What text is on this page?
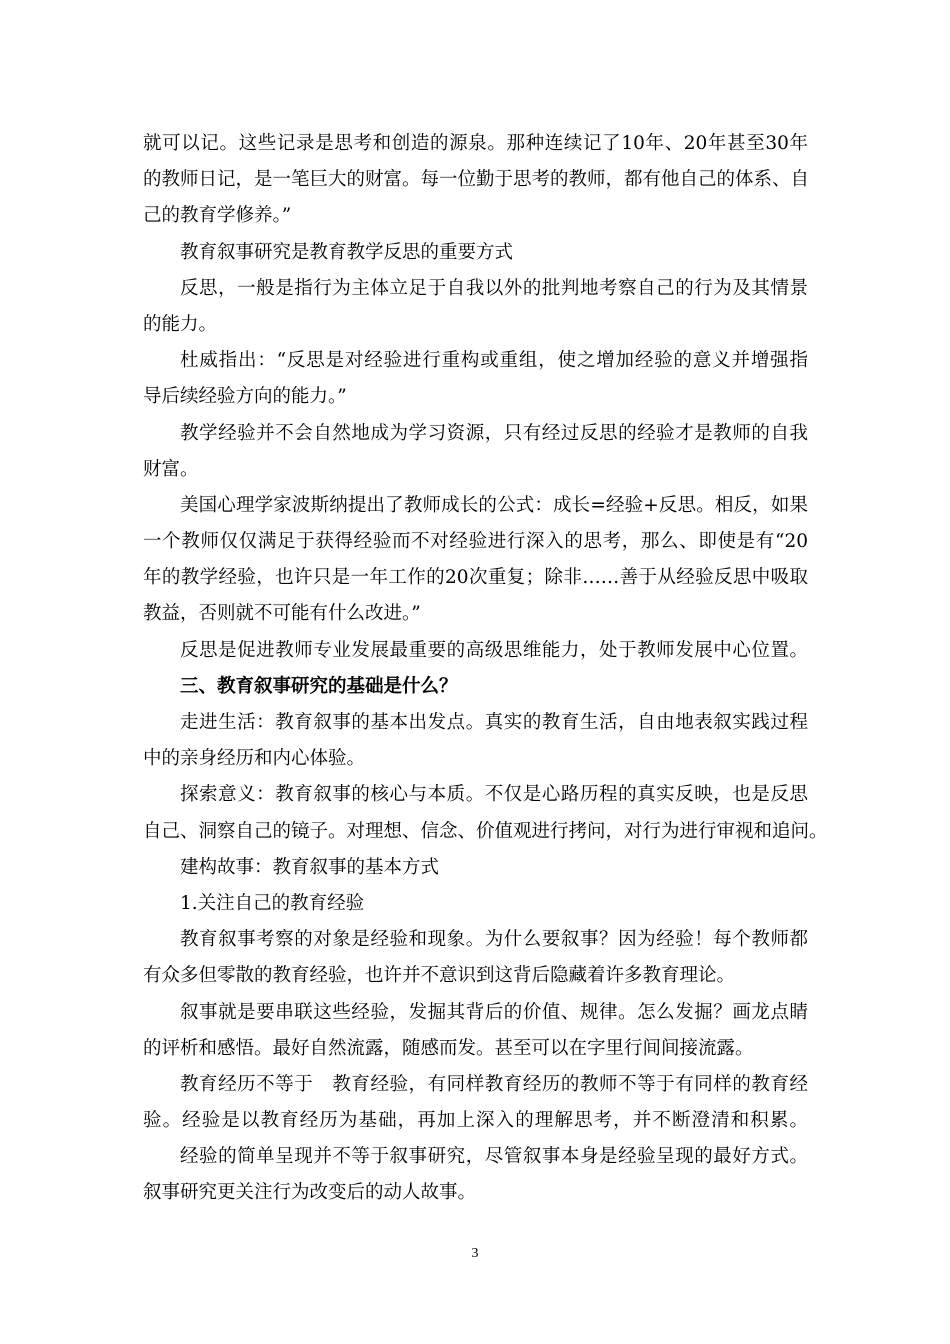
就可以记。这些记录是思考和创造的源泉。那种连续记了10年、20年甚至30年
的教师日记，是一笔巨大的财富。每一位勤于思考的教师，都有他自己的体系、自
己的教育学修养。”
教育叙事研究是教育教学反思的重要方式
反思，一般是指行为主体立足于自我以外的批判地考察自己的行为及其情景
的能力。
杜威指出：“反思是对经验进行重构或重组，使之增加经验的意义并增强指
导后续经验方向的能力。”
教学经验并不会自然地成为学习资源，只有经过反思的经验才是教师的自我
财富。
美国心理学家波斯纳提出了教师成长的公式：成长=经验+反思。相反，如果
一个教师仅仅满足于获得经验而不对经验进行深入的思考，那么、即使是有“20
年的教学经验，也许只是一年工作的20次重复；除非……善于从经验反思中吸取
教益，否则就不可能有什么改进。”
反思是促进教师专业发展最重要的高级思维能力，处于教师发展中心位置。
三、教育叙事研究的基础是什么？
走进生活：教育叙事的基本出发点。真实的教育生活，自由地表叙实践过程
中的亲身经历和内心体验。
探索意义：教育叙事的核心与本质。不仅是心路历程的真实反映，也是反思
自己、洞察自己的镜子。对理想、信念、价值观进行拷问，对行为进行审视和追问。
建构故事：教育叙事的基本方式
1.关注自己的教育经验
教育叙事考察的对象是经验和现象。为什么要叙事？因为经验！每个教师都
有众多但零散的教育经验，也许并不意识到这背后隐藏着许多教育理论。
叙事就是要串联这些经验，发掘其背后的价值、规律。怎么发掘？画龙点睛
的评析和感悟。最好自然流露，随感而发。甚至可以在字里行间间接流露。
教育经历不等于　教育经验，有同样教育经历的教师不等于有同样的教育经
验。经验是以教育经历为基础，再加上深入的理解思考，并不断澄清和积累。
经验的简单呈现并不等于叙事研究，尽管叙事本身是经验呈现的最好方式。
叙事研究更关注行为改变后的动人故事。
3
